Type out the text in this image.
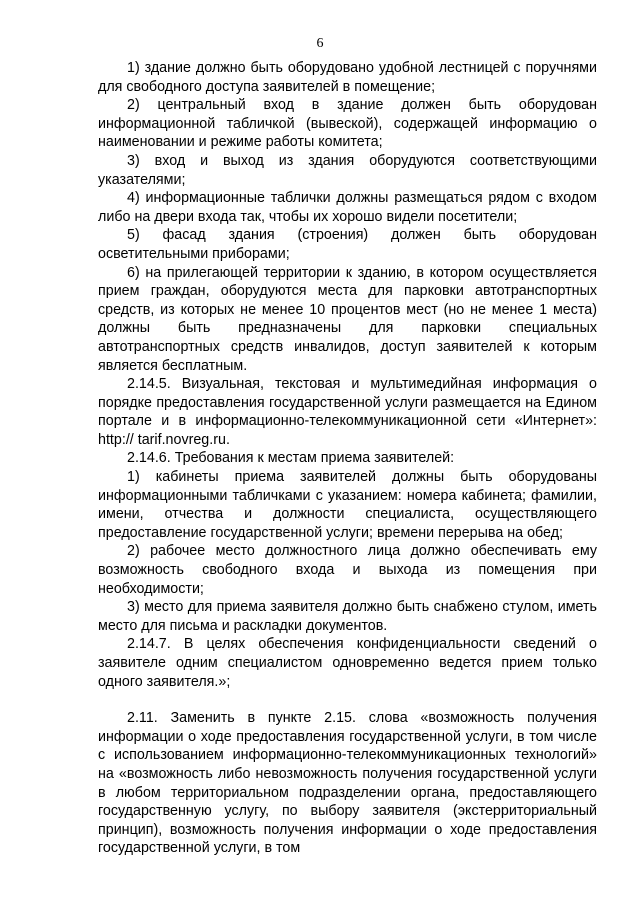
6

1) здание должно быть оборудовано удобной лестницей с поручнями для свободного доступа заявителей в помещение;

2) центральный вход в здание должен быть оборудован информационной табличкой (вывеской), содержащей информацию о наименовании и режиме работы комитета;

3) вход и выход из здания оборудуются соответствующими указателями;

4) информационные таблички должны размещаться рядом с входом либо на двери входа так, чтобы их хорошо видели посетители;

5) фасад здания (строения) должен быть оборудован осветительными приборами;

6) на прилегающей территории к зданию, в котором осуществляется прием граждан, оборудуются места для парковки автотранспортных средств, из которых не менее 10 процентов мест (но не менее 1 места) должны быть предназначены для парковки специальных автотранспортных средств инвалидов, доступ заявителей к которым является бесплатным.

2.14.5. Визуальная, текстовая и мультимедийная информация о порядке предоставления государственной услуги размещается на Едином портале и в информационно-телекоммуникационной сети «Интернет»: http:// tarif.novreg.ru.

2.14.6. Требования к местам приема заявителей:

1) кабинеты приема заявителей должны быть оборудованы информационными табличками с указанием: номера кабинета; фамилии, имени, отчества и должности специалиста, осуществляющего предоставление государственной услуги; времени перерыва на обед;

2) рабочее место должностного лица должно обеспечивать ему возможность свободного входа и выхода из помещения при необходимости;

3) место для приема заявителя должно быть снабжено стулом, иметь место для письма и раскладки документов.

2.14.7. В целях обеспечения конфиденциальности сведений о заявителе одним специалистом одновременно ведется прием только одного заявителя.»;

2.11. Заменить в пункте 2.15. слова «возможность получения информации о ходе предоставления государственной услуги, в том числе с использованием информационно-телекоммуникационных технологий» на «возможность либо невозможность получения государственной услуги в любом территориальном подразделении органа, предоставляющего государственную услугу, по выбору заявителя (экстерриториальный принцип), возможность получения информации о ходе предоставления государственной услуги, в том
